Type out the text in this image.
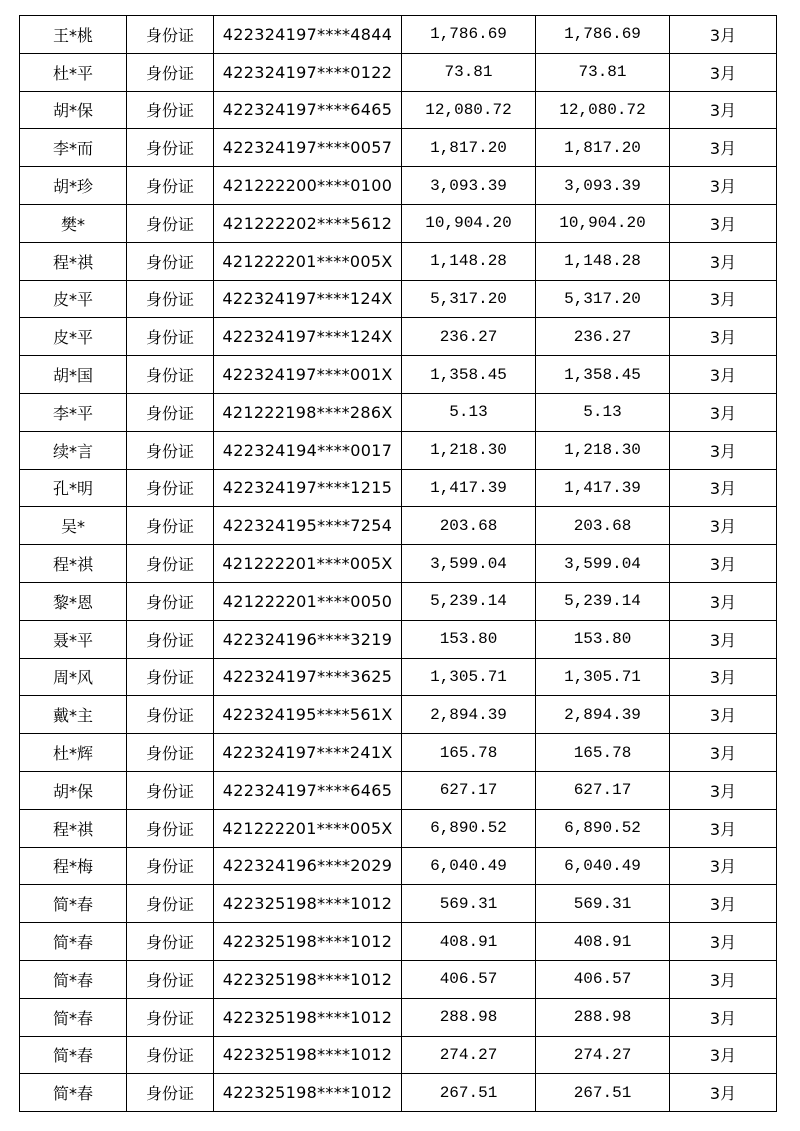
王*桃	身份证	422324197****4844	1,786.69	1,786.69	3月
杜*平	身份证	422324197****0122	73.81	73.81	3月
胡*保	身份证	422324197****6465	12,080.72	12,080.72	3月
李*而	身份证	422324197****0057	1,817.20	1,817.20	3月
胡*珍	身份证	421222200****0100	3,093.39	3,093.39	3月
樊*	身份证	421222202****5612	10,904.20	10,904.20	3月
程*祺	身份证	421222201****005X	1,148.28	1,148.28	3月
皮*平	身份证	422324197****124X	5,317.20	5,317.20	3月
皮*平	身份证	422324197****124X	236.27	236.27	3月
胡*国	身份证	422324197****001X	1,358.45	1,358.45	3月
李*平	身份证	421222198****286X	5.13	5.13	3月
续*言	身份证	422324194****0017	1,218.30	1,218.30	3月
孔*明	身份证	422324197****1215	1,417.39	1,417.39	3月
吴*	身份证	422324195****7254	203.68	203.68	3月
程*祺	身份证	421222201****005X	3,599.04	3,599.04	3月
黎*恩	身份证	421222201****0050	5,239.14	5,239.14	3月
聂*平	身份证	422324196****3219	153.80	153.80	3月
周*风	身份证	422324197****3625	1,305.71	1,305.71	3月
戴*主	身份证	422324195****561X	2,894.39	2,894.39	3月
杜*辉	身份证	422324197****241X	165.78	165.78	3月
胡*保	身份证	422324197****6465	627.17	627.17	3月
程*祺	身份证	421222201****005X	6,890.52	6,890.52	3月
程*梅	身份证	422324196****2029	6,040.49	6,040.49	3月
简*春	身份证	422325198****1012	569.31	569.31	3月
简*春	身份证	422325198****1012	408.91	408.91	3月
简*春	身份证	422325198****1012	406.57	406.57	3月
简*春	身份证	422325198****1012	288.98	288.98	3月
简*春	身份证	422325198****1012	274.27	274.27	3月
简*春	身份证	422325198****1012	267.51	267.51	3月
